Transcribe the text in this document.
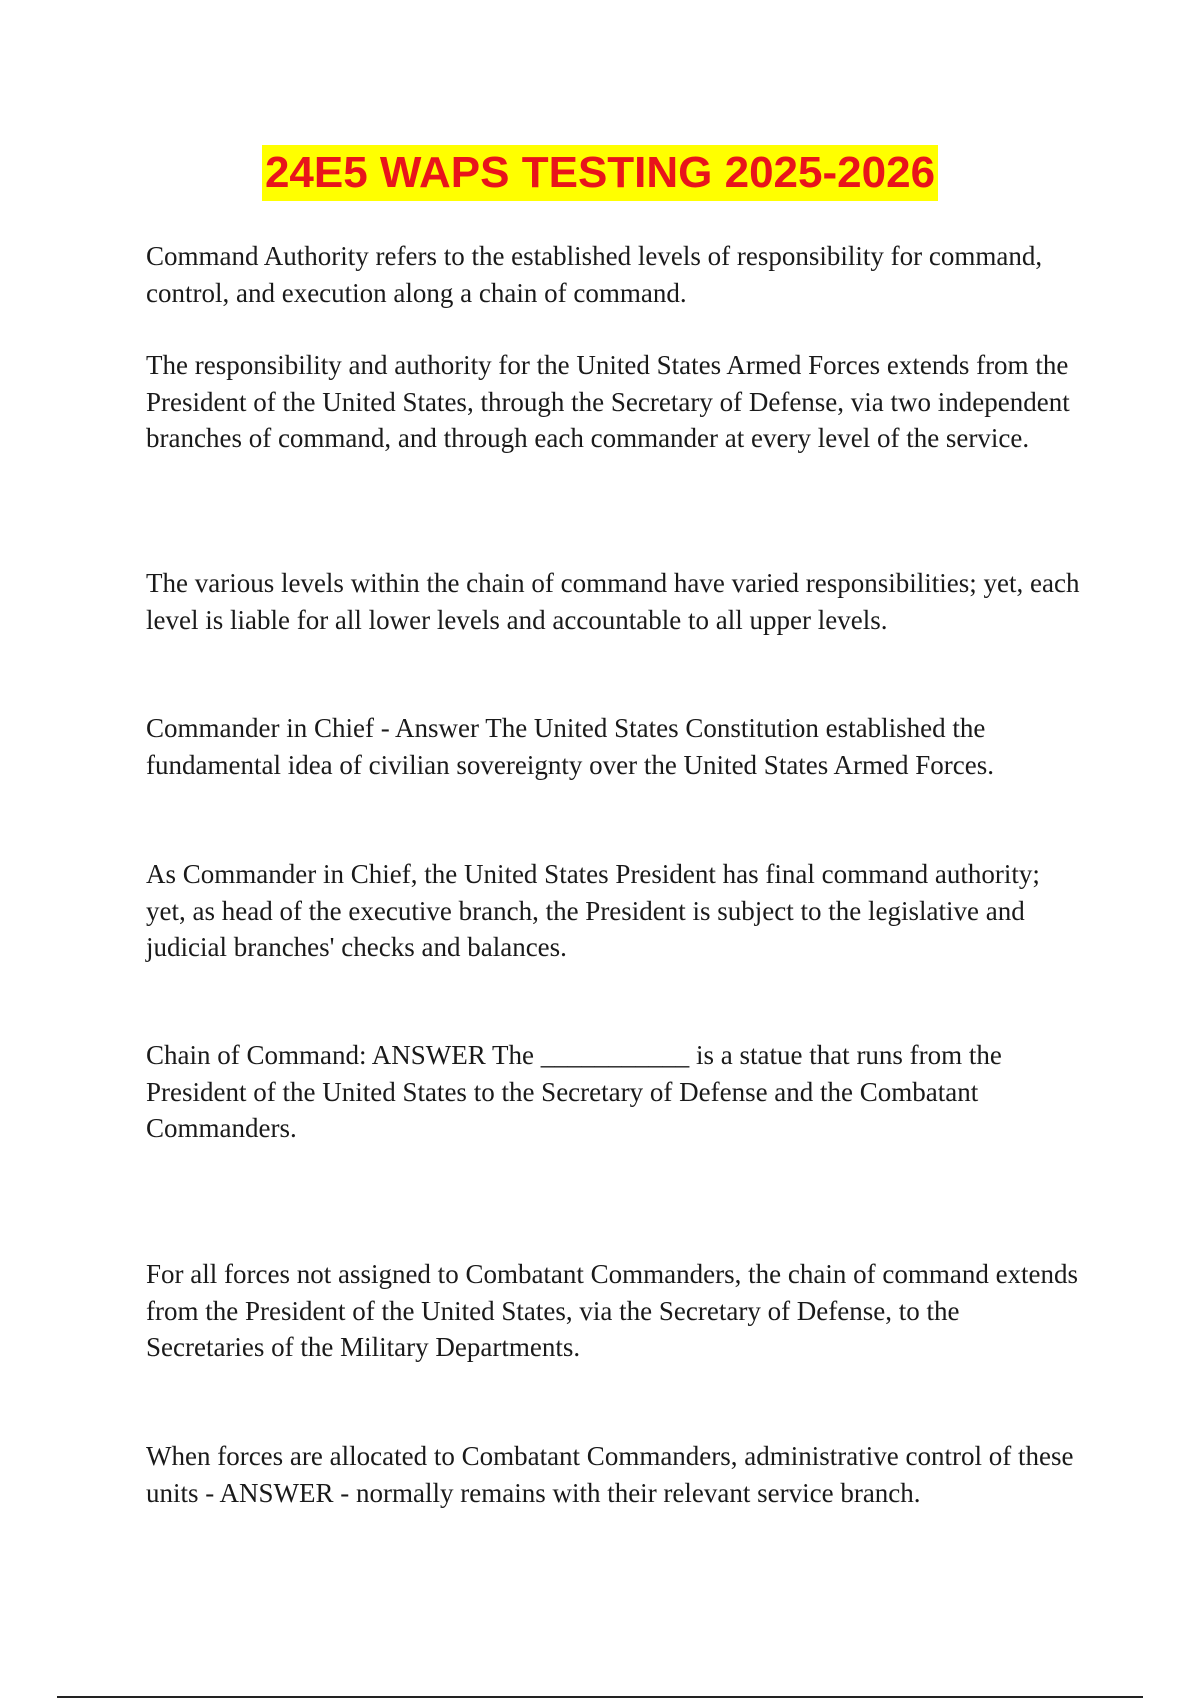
24E5 WAPS TESTING 2025-2026

Command Authority refers to the established levels of responsibility for command, control, and execution along a chain of command.

The responsibility and authority for the United States Armed Forces extends from the President of the United States, through the Secretary of Defense, via two independent branches of command, and through each commander at every level of the service.

The various levels within the chain of command have varied responsibilities; yet, each level is liable for all lower levels and accountable to all upper levels.

Commander in Chief - Answer The United States Constitution established the fundamental idea of civilian sovereignty over the United States Armed Forces.

As Commander in Chief, the United States President has final command authority; yet, as head of the executive branch, the President is subject to the legislative and judicial branches' checks and balances.

Chain of Command: ANSWER The ___________ is a statue that runs from the President of the United States to the Secretary of Defense and the Combatant Commanders.

For all forces not assigned to Combatant Commanders, the chain of command extends from the President of the United States, via the Secretary of Defense, to the Secretaries of the Military Departments.

When forces are allocated to Combatant Commanders, administrative control of these units - ANSWER - normally remains with their relevant service branch.
